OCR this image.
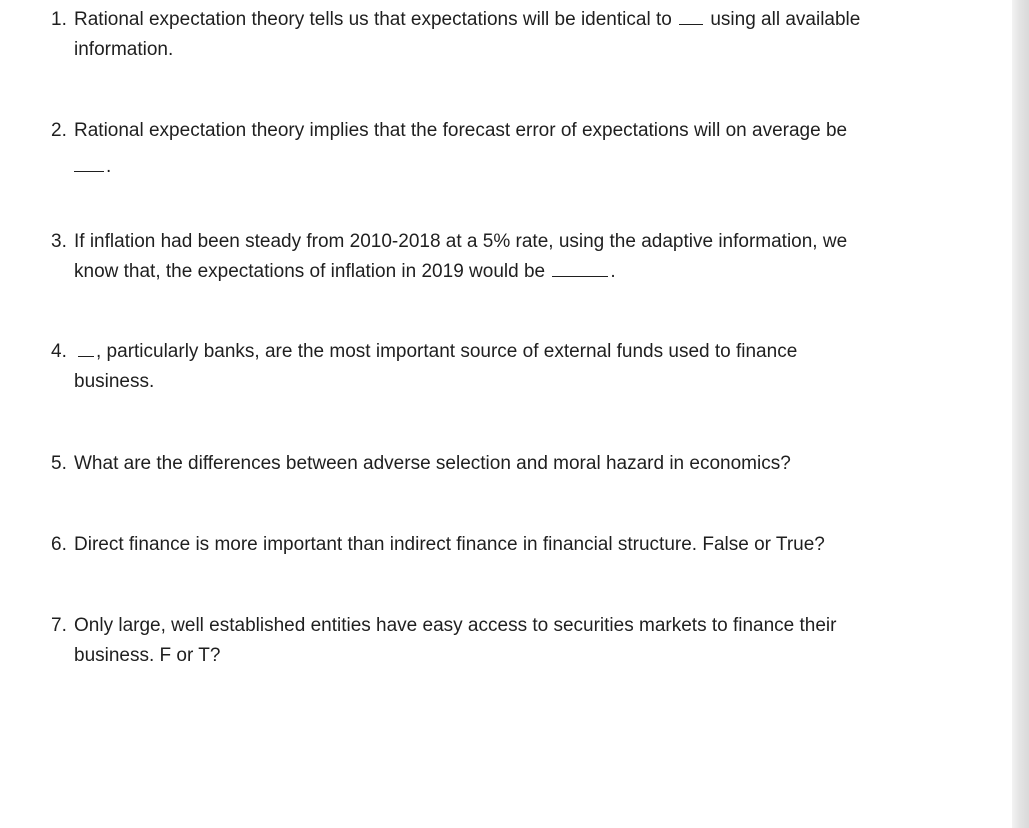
1. Rational expectation theory tells us that expectations will be identical to using all available
information.
2. Rational expectation theory implies that the forecast error of expectations will on average be
.
3. If inflation had been steady from 2010-2018 at a 5% rate, using the adaptive information, we
know that, the expectations of inflation in 2019 would be	.
4. , particularly banks, are the most important source of external funds used to finance
business.
5. What are the differences between adverse selection and moral hazard in economics?
6. Direct finance is more important than indirect finance in financial structure. False or True?
7. Only large, well established entities have easy access to securities markets to finance their
business. F or T?
